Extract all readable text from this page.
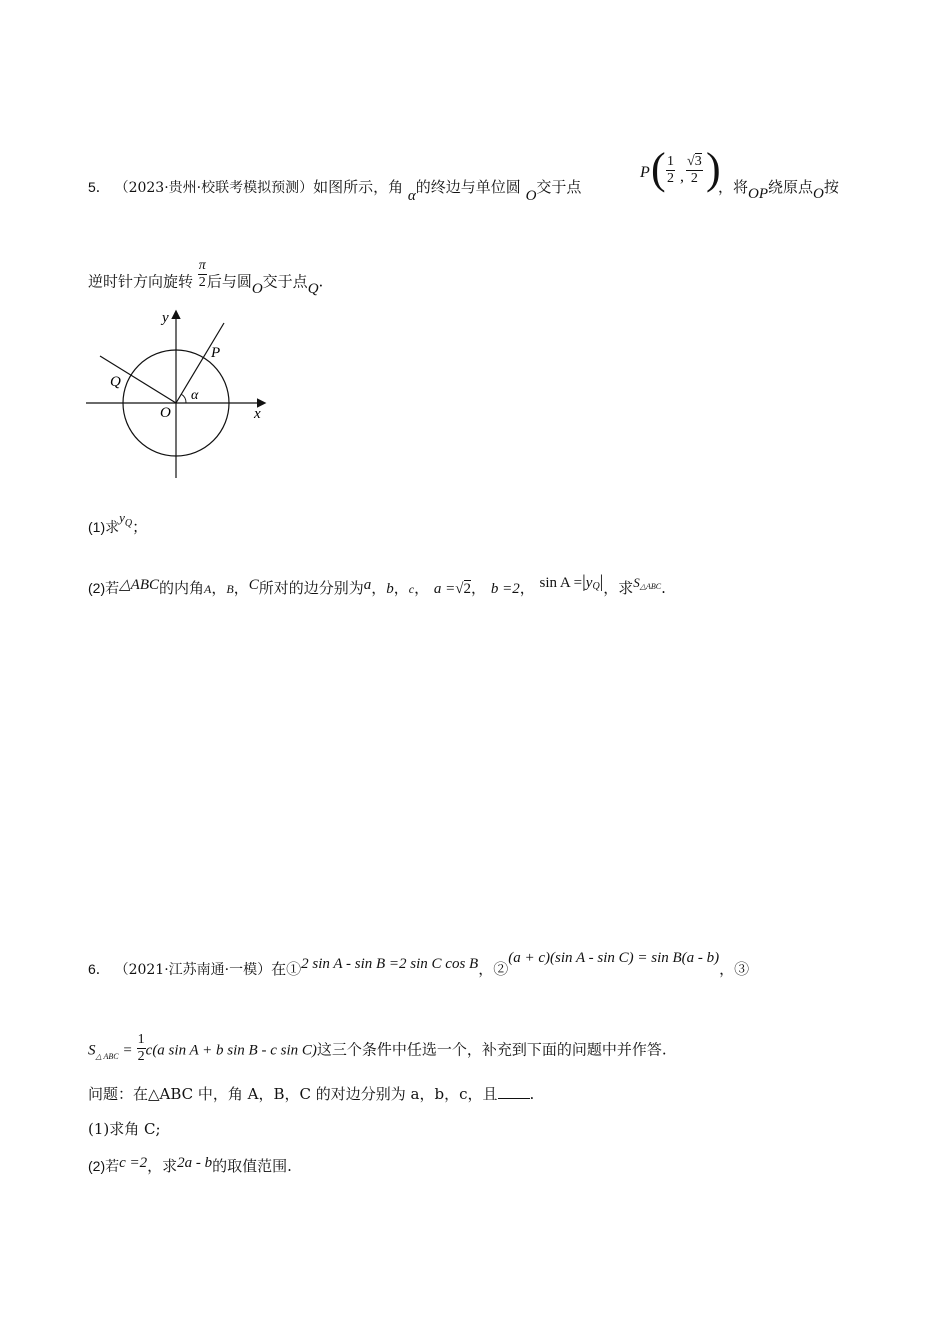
5． （2023·贵州·校联考模拟预测）如图所示，角 α的终边与单位圆 O交于点
P ( $\frac{1}{2}$ , $\frac{√3}{2}$ )
，将OP绕原点O按
逆时针方向旋转 $\frac{\pi}{2}$ 后与圆O交于点Q.
y
x
O
P
Q
α
(1)求$y^Q$；
(2)若△ABC的内角A，B，C所对的边分别为a，b，c， a =√2， b =2， $\sin A =|y^Q|$，求$S^{\triangle ABC}$.
6． （2021·江苏南通·一模）在①2 sin A - sin B =2 sin C cos B，②(a + c)(sin A - sin C) = sin B(a - b)，③
$S_{\triangle ABC} = \frac{1}{2} c(a$ sin A + b sin B - c sin C)这三个条件中任选一个，补充到下面的问题中并作答.
问题：在△ABC 中，角 A，B，C 的对边分别为 a，b，c，且 .
(1)求角 C;
(2)若c =2，求2a - b的取值范围.
